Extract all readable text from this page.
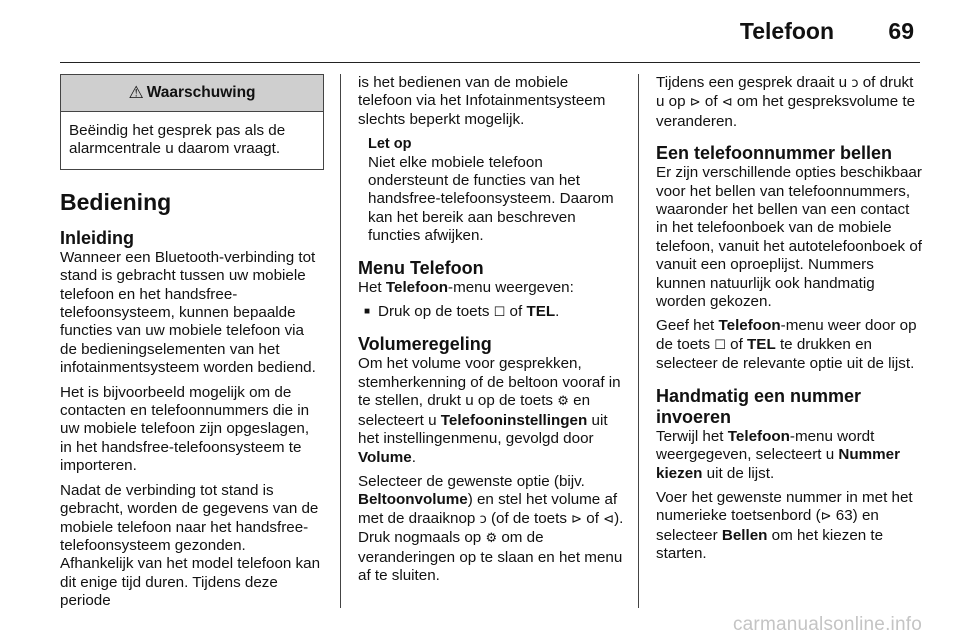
Telefoon 69
⚠ Waarschuwing
Beëindig het gesprek pas als de alarmcentrale u daarom vraagt.
Bediening
Inleiding

Wanneer een Bluetooth-verbinding tot stand is gebracht tussen uw mobiele telefoon en het handsfree-telefoonsysteem, kunnen bepaalde functies van uw mobiele telefoon via de bedieningselementen van het infotainmentsysteem worden bediend.

Het is bijvoorbeeld mogelijk om de contacten en telefoonnummers die in uw mobiele telefoon zijn opgeslagen, in het handsfree-telefoonsysteem te importeren.

Nadat de verbinding tot stand is gebracht, worden de gegevens van de mobiele telefoon naar het handsfree-telefoonsysteem gezonden. Afhankelijk van het model telefoon kan dit enige tijd duren. Tijdens deze periode

is het bedienen van de mobiele telefoon via het Infotainmentsysteem slechts beperkt mogelijk.

Let op
Niet elke mobiele telefoon ondersteunt de functies van het handsfree-telefoonsysteem. Daarom kan het bereik aan beschreven functies afwijken.
Menu Telefoon

Het Telefoon-menu weergeven:

■ Druk op de toets ☐ of TEL.
Volumeregeling

Om het volume voor gesprekken, stemherkenning of de beltoon vooraf in te stellen, drukt u op de toets ⚙ en selecteert u Telefooninstellingen uit het instellingenmenu, gevolgd door Volume.

Selecteer de gewenste optie (bijv. Beltoonvolume) en stel het volume af met de draaiknop ↄ (of de toets ⊳ of ⊲). Druk nogmaals op ⚙ om de veranderingen op te slaan en het menu af te sluiten.

Tijdens een gesprek draait u ↄ of drukt u op ⊳ of ⊲ om het gespreksvolume te veranderen.

Een telefoonnummer bellen

Er zijn verschillende opties beschikbaar voor het bellen van telefoonnummers, waaronder het bellen van een contact in het telefoonboek van de mobiele telefoon, vanuit het autotelefoonboek of vanuit een oproeplijst. Nummers kunnen natuurlijk ook handmatig worden gekozen.

Geef het Telefoon-menu weer door op de toets ☐ of TEL te drukken en selecteer de relevante optie uit de lijst.

Handmatig een nummer invoeren

Terwijl het Telefoon-menu wordt weergegeven, selecteert u Nummer kiezen uit de lijst.

Voer het gewenste nummer in met het numerieke toetsenbord (⊳ 63) en selecteer Bellen om het kiezen te starten.

carmanualsonline.info
